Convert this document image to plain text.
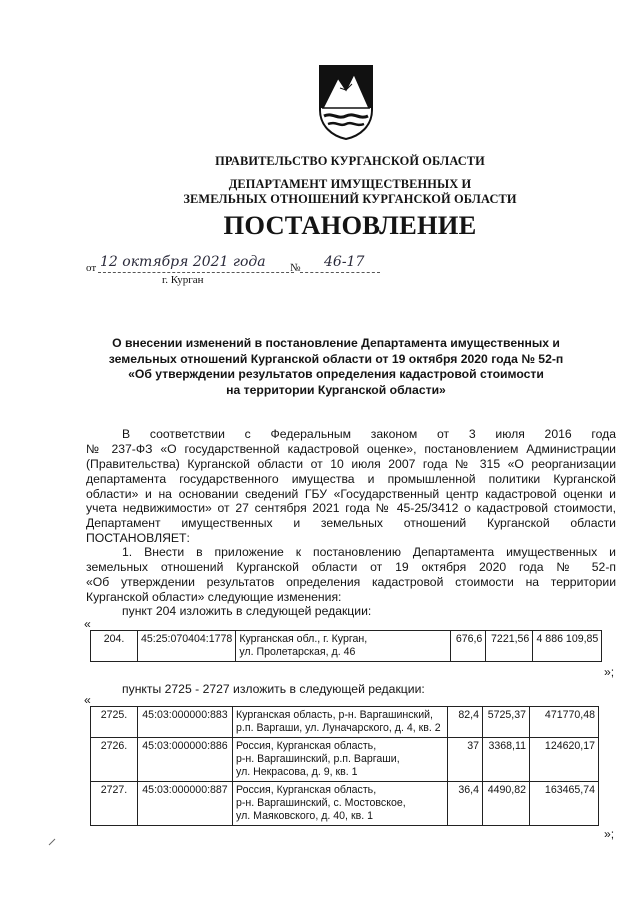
ПРАВИТЕЛЬСТВО КУРГАНСКОЙ ОБЛАСТИ
ДЕПАРТАМЕНТ ИМУЩЕСТВЕННЫХ И
ЗЕМЕЛЬНЫХ ОТНОШЕНИЙ КУРГАНСКОЙ ОБЛАСТИ
ПОСТАНОВЛЕНИЕ
от 12 октября 2021 года № 46-17
г. Курган
О внесении изменений в постановление Департамента имущественных и
земельных отношений Курганской области от 19 октября 2020 года № 52-п
«Об утверждении результатов определения кадастровой стоимости
на территории Курганской области»
В соответствии с Федеральным законом от 3 июля 2016 года
№ 237-ФЗ «О государственной кадастровой оценке», постановлением Администрации
(Правительства) Курганской области от 10 июля 2007 года № 315 «О реорганизации
департамента государственного имущества и промышленной политики Курганской
области» и на основании сведений ГБУ «Государственный центр кадастровой оценки и
учета недвижимости» от 27 сентября 2021 года № 45-25/3412 о кадастровой стоимости,
Департамент имущественных и земельных отношений Курганской области
ПОСТАНОВЛЯЕТ:
1. Внести в приложение к постановлению Департамента имущественных и
земельных отношений Курганской области от 19 октября 2020 года № 52-п
«Об утверждении результатов определения кадастровой стоимости на территории
Курганской области» следующие изменения:
пункт 204 изложить в следующей редакции:
«
204.	45:25:070404:1778	Курганская обл., г. Курган,
ул. Пролетарская, д. 46
	676,6	7221,56	4 886 109,85
»;
пункты 2725 - 2727 изложить в следующей редакции:
«
2725.	45:03:000000:883	Курганская область, р-н. Варгашинский,
р.п. Варгаши, ул. Луначарского, д. 4, кв. 2	82,4	5725,37	471770,48
2726.	45:03:000000:886	Россия, Курганская область,
р-н. Варгашинский, р.п. Варгаши,
ул. Некрасова, д. 9, кв. 1	37	3368,11	124620,17
2727.	45:03:000000:887	Россия, Курганская область,
р-н. Варгашинский, с. Мостовское,
ул. Маяковского, д. 40, кв. 1	36,4	4490,82	163465,74
»;
